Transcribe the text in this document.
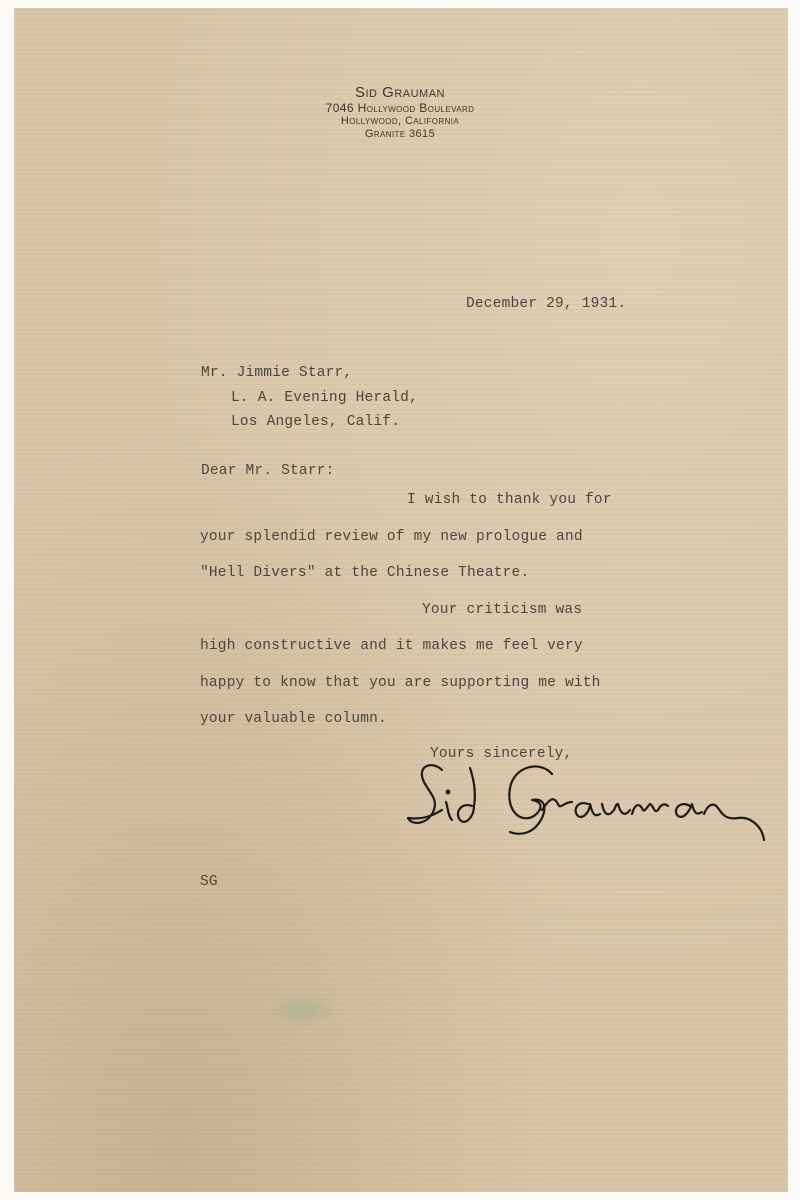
Sid Grauman
7046 Hollywood Boulevard
Hollywood, California
Granite 3615
December 29, 1931.
Mr. Jimmie Starr,
L. A. Evening Herald,
Los Angeles, Calif.
Dear Mr. Starr:
I wish to thank you for
your splendid review of my new prologue and
"Hell Divers" at the Chinese Theatre.
Your criticism was
high constructive and it makes me feel very
happy to know that you are supporting me with
your valuable column.
Yours sincerely,
SG
